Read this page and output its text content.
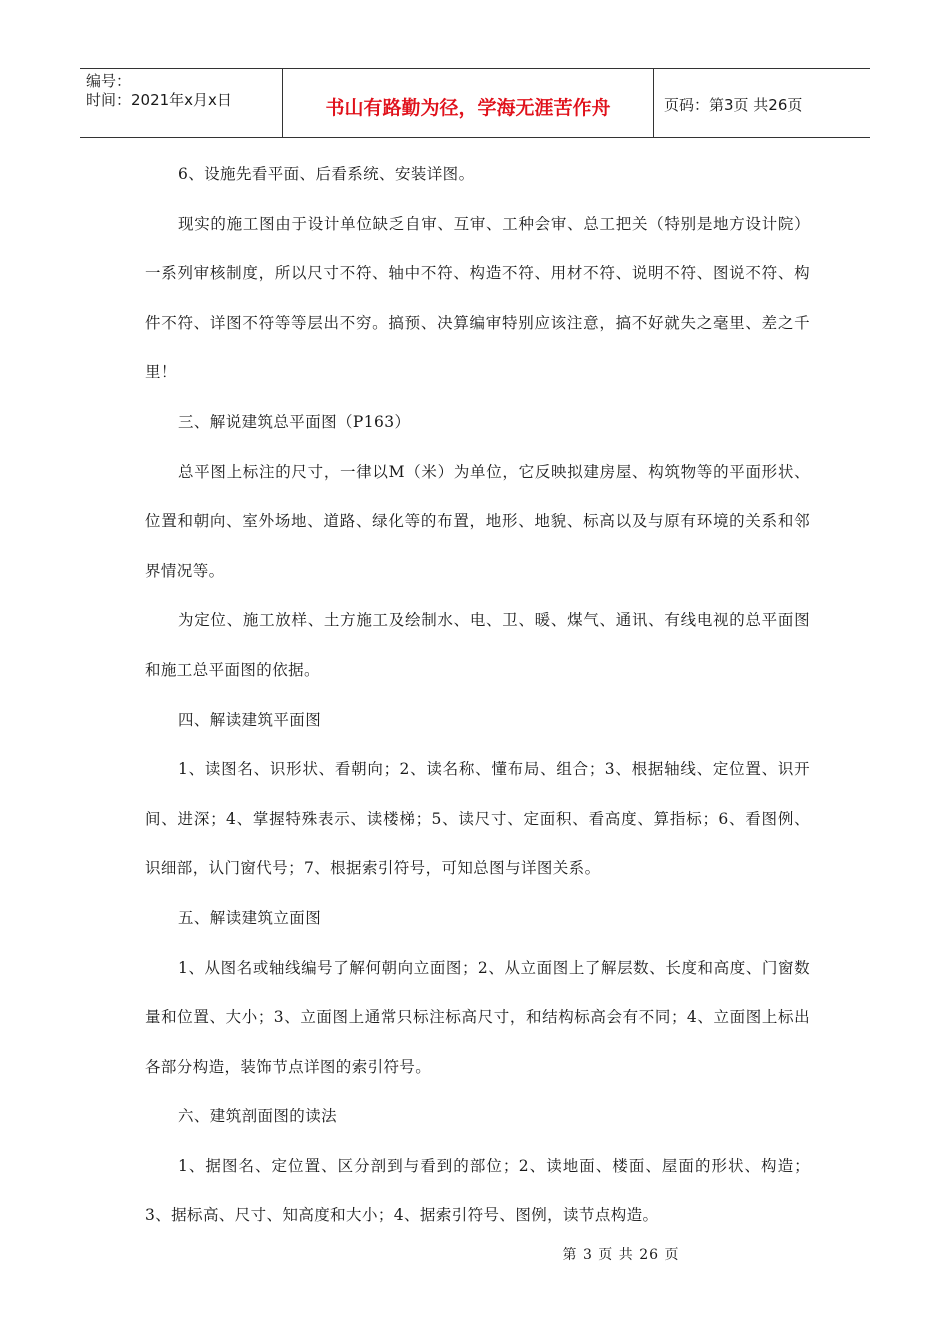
编号：
时间：2021年x月x日	书山有路勤为径，学海无涯苦作舟	页码：第3页 共26页

6、设施先看平面、后看系统、安装详图。

现实的施工图由于设计单位缺乏自审、互审、工种会审、总工把关（特别是地方设计院）一系列审核制度，所以尺寸不符、轴中不符、构造不符、用材不符、说明不符、图说不符、构件不符、详图不符等等层出不穷。搞预、决算编审特别应该注意，搞不好就失之毫里、差之千里！

三、解说建筑总平面图（P163）

总平图上标注的尺寸，一律以M（米）为单位，它反映拟建房屋、构筑物等的平面形状、位置和朝向、室外场地、道路、绿化等的布置，地形、地貌、标高以及与原有环境的关系和邻界情况等。

为定位、施工放样、土方施工及绘制水、电、卫、暖、煤气、通讯、有线电视的总平面图和施工总平面图的依据。

四、解读建筑平面图

1、读图名、识形状、看朝向；2、读名称、懂布局、组合；3、根据轴线、定位置、识开间、进深；4、掌握特殊表示、读楼梯；5、读尺寸、定面积、看高度、算指标；6、看图例、识细部，认门窗代号；7、根据索引符号，可知总图与详图关系。

五、解读建筑立面图

1、从图名或轴线编号了解何朝向立面图；2、从立面图上了解层数、长度和高度、门窗数量和位置、大小；3、立面图上通常只标注标高尺寸，和结构标高会有不同；4、立面图上标出各部分构造，装饰节点详图的索引符号。

六、建筑剖面图的读法

1、据图名、定位置、区分剖到与看到的部位；2、读地面、楼面、屋面的形状、构造；3、据标高、尺寸、知高度和大小；4、据索引符号、图例，读节点构造。

第 3 页 共 26 页
